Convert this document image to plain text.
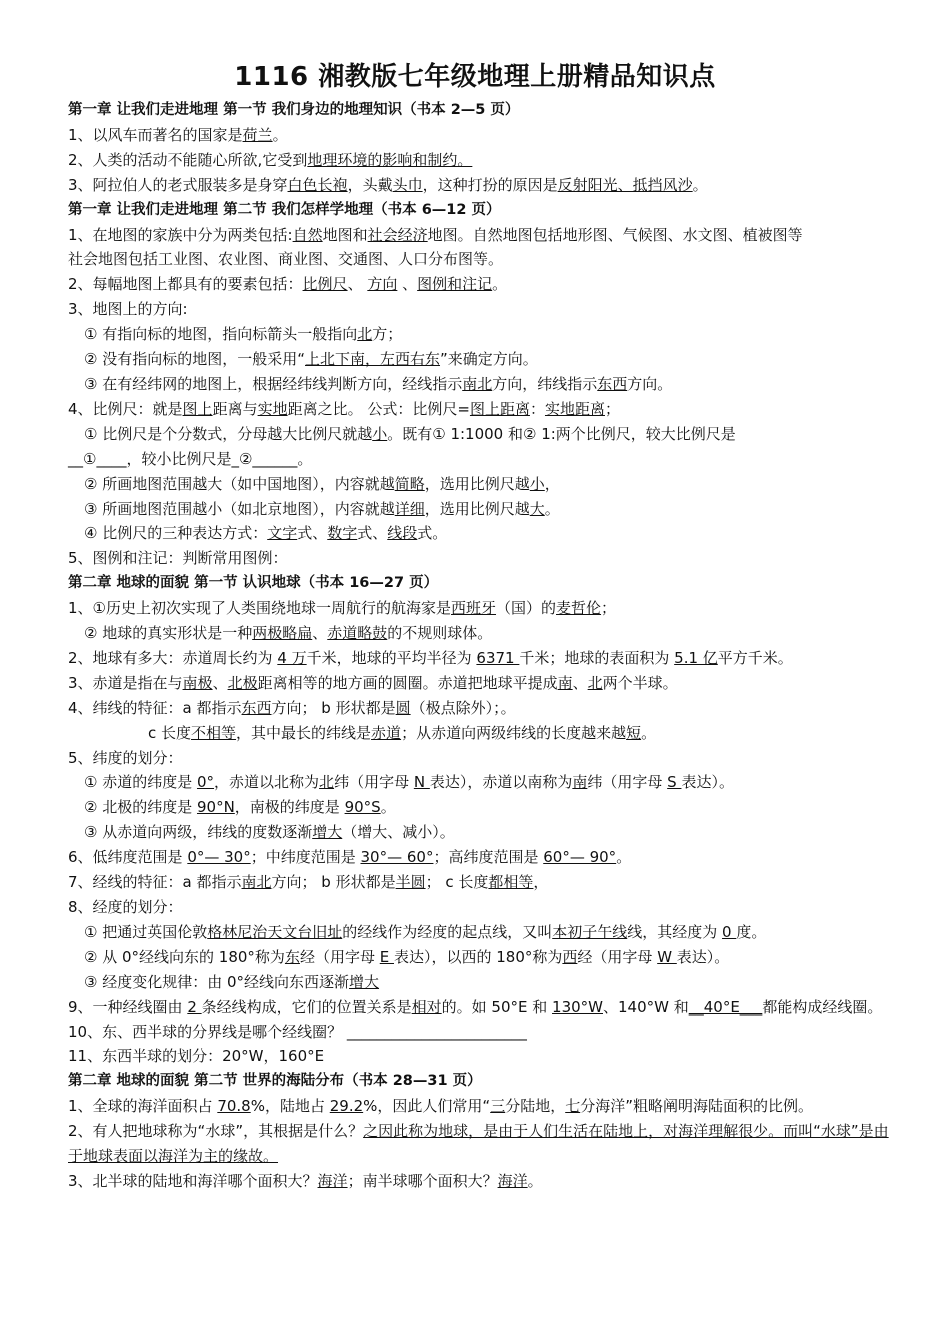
1116 湘教版七年级地理上册精品知识点
第一章 让我们走进地理 第一节 我们身边的地理知识（书本 2—5 页）
1、以风车而著名的国家是荷兰。
2、人类的活动不能随心所欲,它受到地理环境的影响和制约。
3、阿拉伯人的老式服装多是身穿白色长袍，头戴头巾，这种打扮的原因是反射阳光、抵挡风沙。
第一章 让我们走进地理 第二节 我们怎样学地理（书本 6—12 页）
1、在地图的家族中分为两类包括:自然地图和社会经济地图。自然地图包括地形图、气候图、水文图、植被图等
社会地图包括工业图、农业图、商业图、交通图、人口分布图等。
2、每幅地图上都具有的要素包括：比例尺、 方向 、图例和注记。
3、地图上的方向:
① 有指向标的地图，指向标箭头一般指向北方；
② 没有指向标的地图，一般采用“上北下南，左西右东”来确定方向。
③ 在有经纬网的地图上，根据经纬线判断方向，经线指示南北方向，纬线指示东西方向。
4、比例尺：就是图上距离与实地距离之比。 公式：比例尺=图上距离：实地距离；
① 比例尺是个分数式，分母越大比例尺就越小。既有① 1:1000 和② 1:两个比例尺，较大比例尺是
__①____，较小比例尺是_②______。
② 所画地图范围越大（如中国地图），内容就越简略，选用比例尺越小，
③ 所画地图范围越小（如北京地图），内容就越详细，选用比例尺越大。
④ 比例尺的三种表达方式：文字式、数字式、线段式。
5、图例和注记：判断常用图例：
第二章 地球的面貌 第一节 认识地球（书本 16—27 页）
1、①历史上初次实现了人类围绕地球一周航行的航海家是西班牙（国）的麦哲伦；
② 地球的真实形状是一种两极略扁、赤道略鼓的不规则球体。
2、地球有多大：赤道周长约为 4 万千米，地球的平均半径为 6371 千米；地球的表面积为 5.1 亿平方千米。
3、赤道是指在与南极、北极距离相等的地方画的圆圈。赤道把地球平提成南、北两个半球。
4、纬线的特征：a 都指示东西方向； b 形状都是圆（极点除外）；。
c 长度不相等，其中最长的纬线是赤道；从赤道向两级纬线的长度越来越短。
5、纬度的划分：
① 赤道的纬度是 0°，赤道以北称为北纬（用字母 N 表达），赤道以南称为南纬（用字母 S 表达）。
② 北极的纬度是 90°N，南极的纬度是 90°S。
③ 从赤道向两级，纬线的度数逐渐增大（增大、减小）。
6、低纬度范围是 0°— 30°；中纬度范围是 30°— 60°；高纬度范围是 60°— 90°。
7、经线的特征：a 都指示南北方向； b 形状都是半圆； c 长度都相等，
8、经度的划分：
① 把通过英国伦敦格林尼治天文台旧址的经线作为经度的起点线，又叫本初子午线线，其经度为 0 度。
② 从 0°经线向东的 180°称为东经（用字母 E 表达），以西的 180°称为西经（用字母 W 表达）。
③ 经度变化规律：由 0°经线向东西逐渐增大
9、一种经线圈由 2 条经线构成，它们的位置关系是相对的。如 50°E 和 130°W、140°W 和__40°E___都能构成经线圈。
10、东、西半球的分界线是哪个经线圈？ ________________________
11、东西半球的划分：20°W，160°E
第二章 地球的面貌 第二节 世界的海陆分布（书本 28—31 页）
1、全球的海洋面积占 70.8%，陆地占 29.2%，因此人们常用“三分陆地，七分海洋”粗略阐明海陆面积的比例。
2、有人把地球称为“水球”，其根据是什么？之因此称为地球，是由于人们生活在陆地上，对海洋理解很少。而叫“水球”是由于地球表面以海洋为主的缘故。
3、北半球的陆地和海洋哪个面积大？海洋；南半球哪个面积大？海洋。
